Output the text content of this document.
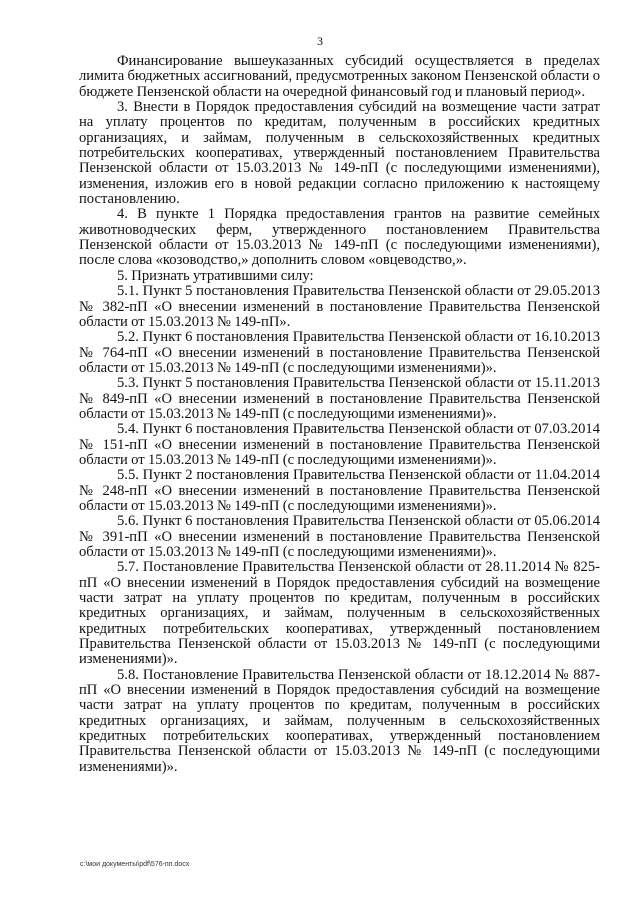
3

Финансирование вышеуказанных субсидий осуществляется в пределах лимита бюджетных ассигнований, предусмотренных законом Пензенской области о бюджете Пензенской области на очередной финансовый год и плановый период».

3. Внести в Порядок предоставления субсидий на возмещение части затрат на уплату процентов по кредитам, полученным в российских кредитных организациях, и займам, полученным в сельскохозяйственных кредитных потребительских кооперативах, утвержденный постановлением Правительства Пензенской области от 15.03.2013 № 149-пП (с последующими изменениями), изменения, изложив его в новой редакции согласно приложению к настоящему постановлению.

4. В пункте 1 Порядка предоставления грантов на развитие семейных животноводческих ферм, утвержденного постановлением Правительства Пензенской области от 15.03.2013 № 149-пП (с последующими изменениями), после слова «козоводство,» дополнить словом «овцеводство,».

5. Признать утратившими силу:

5.1. Пункт 5 постановления Правительства Пензенской области от 29.05.2013 № 382-пП «О внесении изменений в постановление Правительства Пензенской области от 15.03.2013 № 149-пП».

5.2. Пункт 6 постановления Правительства Пензенской области от 16.10.2013 № 764-пП «О внесении изменений в постановление Правительства Пензенской области от 15.03.2013 № 149-пП (с последующими изменениями)».

5.3. Пункт 5 постановления Правительства Пензенской области от 15.11.2013 № 849-пП «О внесении изменений в постановление Правительства Пензенской области от 15.03.2013 № 149-пП (с последующими изменениями)».

5.4. Пункт 6 постановления Правительства Пензенской области от 07.03.2014 № 151-пП «О внесении изменений в постановление Правительства Пензенской области от 15.03.2013 № 149-пП (с последующими изменениями)».

5.5. Пункт 2 постановления Правительства Пензенской области от 11.04.2014 № 248-пП «О внесении изменений в постановление Правительства Пензенской области от 15.03.2013 № 149-пП (с последующими изменениями)».

5.6. Пункт 6 постановления Правительства Пензенской области от 05.06.2014 № 391-пП «О внесении изменений в постановление Правительства Пензенской области от 15.03.2013 № 149-пП (с последующими изменениями)».

5.7. Постановление Правительства Пензенской области от 28.11.2014 № 825-пП «О внесении изменений в Порядок предоставления субсидий на возмещение части затрат на уплату процентов по кредитам, полученным в российских кредитных организациях, и займам, полученным в сельскохозяйственных кредитных потребительских кооперативах, утвержденный постановлением Правительства Пензенской области от 15.03.2013 № 149-пП (с последующими изменениями)».

5.8. Постановление Правительства Пензенской области от 18.12.2014 № 887-пП «О внесении изменений в Порядок предоставления субсидий на возмещение части затрат на уплату процентов по кредитам, полученным в российских кредитных организациях, и займам, полученным в сельскохозяйственных кредитных потребительских кооперативах, утвержденный постановлением Правительства Пензенской области от 15.03.2013 № 149-пП (с последующими изменениями)».

c:\мои документы\pdf\576-пп.docx
